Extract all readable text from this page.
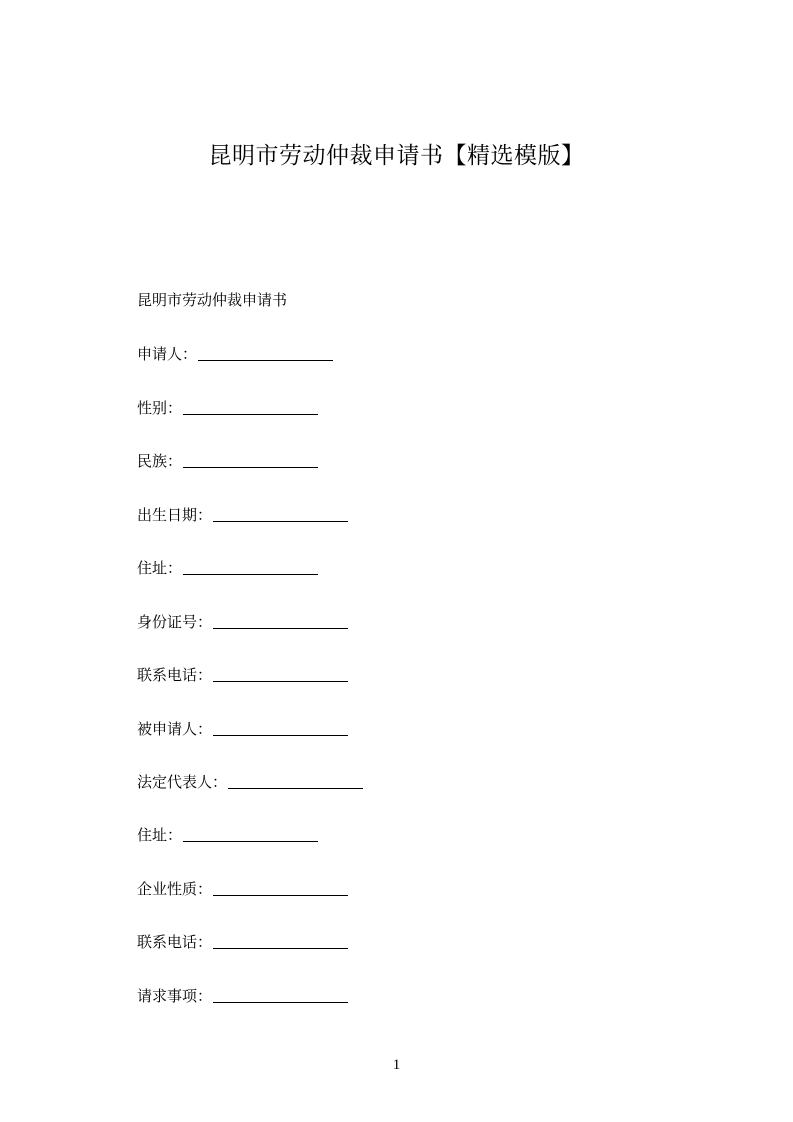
昆明市劳动仲裁申请书【精选模版】
昆明市劳动仲裁申请书
申请人：
性别：
民族：
出生日期：
住址：
身份证号：
联系电话：
被申请人：
法定代表人：
住址：
企业性质：
联系电话：
请求事项：
1
